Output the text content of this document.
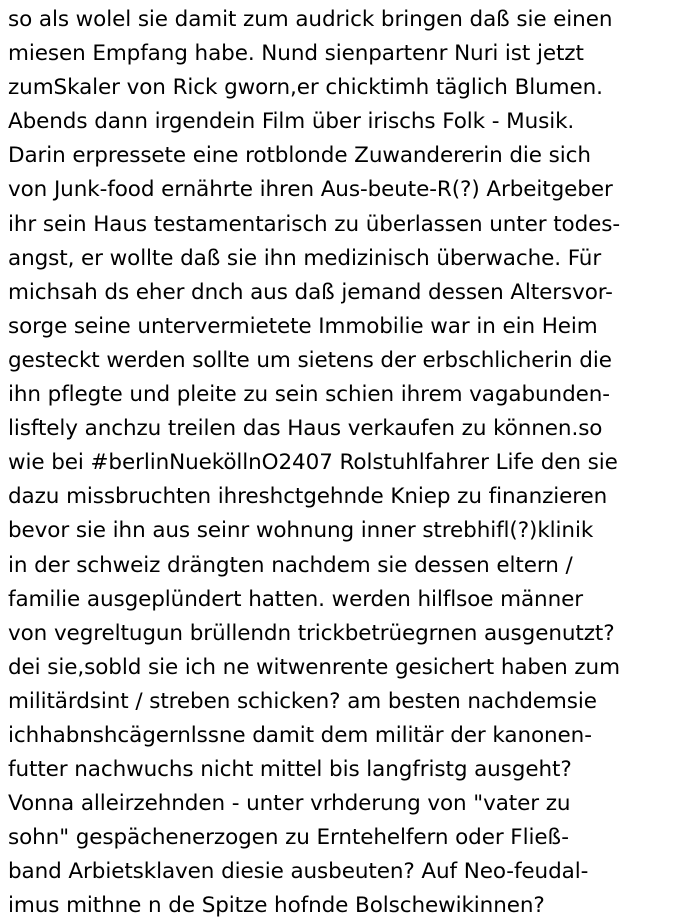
so als wolel sie damit zum audrick bringen daß sie einen
miesen Empfang habe. Nund sienpartenr Nuri ist jetzt
zumSkaler von Rick gworn,er chicktimh täglich Blumen.
Abends dann irgendein Film über irischs Folk - Musik.
Darin erpressete eine rotblonde Zuwandererin die sich
von Junk-food ernährte ihren Aus-beute-R(?) Arbeitgeber
ihr sein Haus testamentarisch zu überlassen unter todes-
angst, er wollte daß sie ihn medizinisch überwache. Für
michsah ds eher dnch aus daß jemand dessen Altersvor-
sorge seine untervermietete Immobilie war in ein Heim
gesteckt werden sollte um sietens der erbschlicherin die
ihn pflegte und pleite zu sein schien ihrem vagabunden-
lisftely anchzu treilen das Haus verkaufen zu können.so
wie bei #berlinNueköllnO2407 Rolstuhlfahrer Life den sie
dazu missbruchten ihreshctgehnde Kniep zu finanzieren
bevor sie ihn aus seinr wohnung inner strebhifl(?)klinik
in der schweiz drängten nachdem sie dessen eltern /
familie ausgeplündert hatten. werden hilflsoe männer
von vegreltugun brüllendn trickbetrüegrnen ausgenutzt?
dei sie,sobld sie ich ne witwenrente gesichert haben zum
militärdsint / streben schicken? am besten nachdemsie
ichhabnshcägernlssne damit dem militär der kanonen-
futter nachwuchs nicht mittel bis langfristg ausgeht?
Vonna alleirzehnden - unter vrhderung von "vater zu
sohn" gespächenerzogen zu Erntehelfern oder Fließ-
band Arbietsklaven diesie ausbeuten? Auf Neo-feudal-
imus mithne n de Spitze hofnde Bolschewikinnen?
